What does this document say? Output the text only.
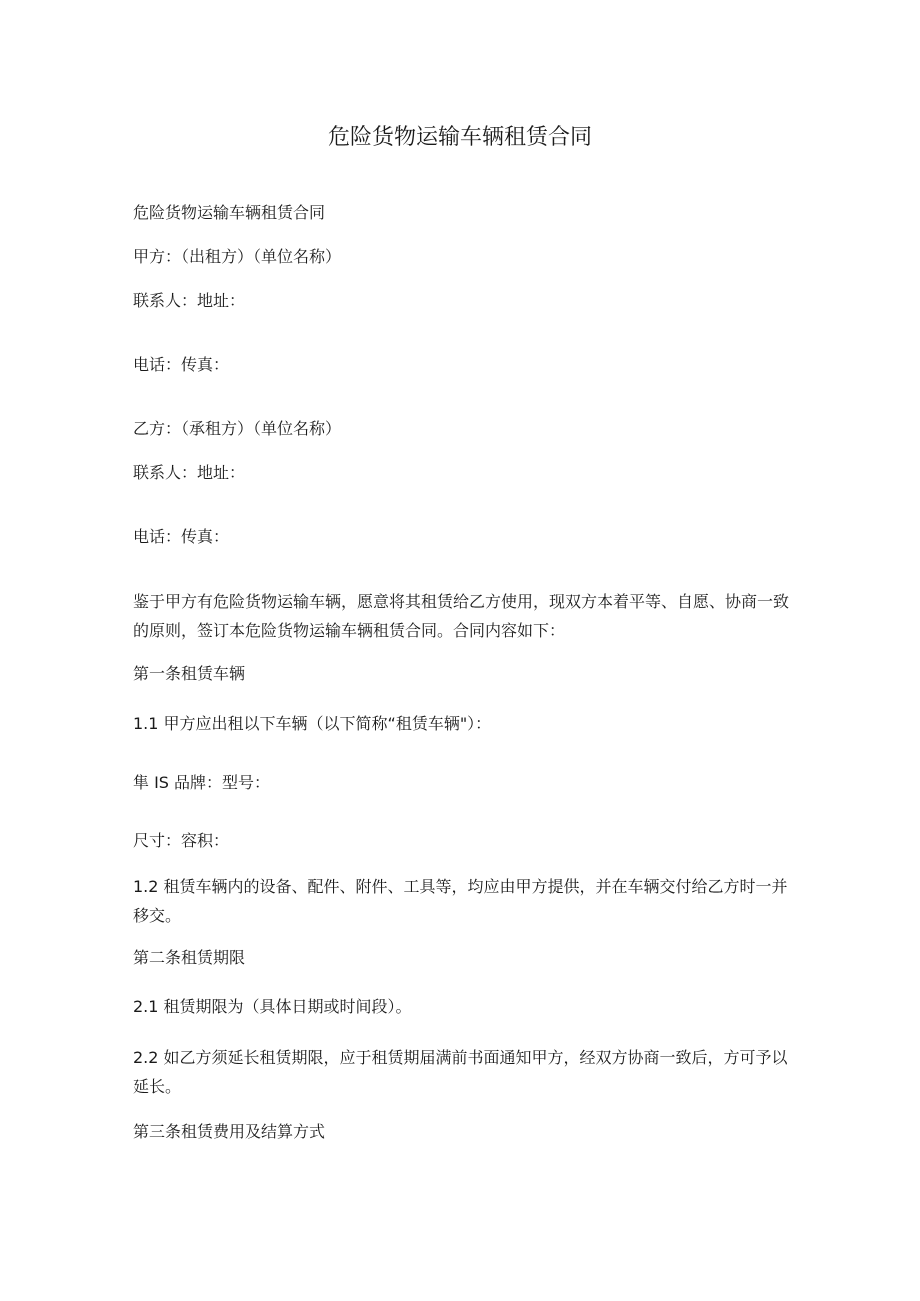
危险货物运输车辆租赁合同
危险货物运输车辆租赁合同
甲方：（出租方）（单位名称）
联系人：地址：
电话：传真：
乙方：（承租方）（单位名称）
联系人：地址：
电话：传真：
鉴于甲方有危险货物运输车辆，愿意将其租赁给乙方使用，现双方本着平等、自愿、协商一致的原则，签订本危险货物运输车辆租赁合同。合同内容如下：
第一条租赁车辆
1.1 甲方应出租以下车辆（以下简称“租赁车辆"）：
隼 IS 品牌：型号：
尺寸：容积：
1.2 租赁车辆内的设备、配件、附件、工具等，均应由甲方提供，并在车辆交付给乙方时一并移交。
第二条租赁期限
2.1 租赁期限为（具体日期或时间段）。
2.2 如乙方须延长租赁期限，应于租赁期届满前书面通知甲方，经双方协商一致后，方可予以延长。
第三条租赁费用及结算方式
